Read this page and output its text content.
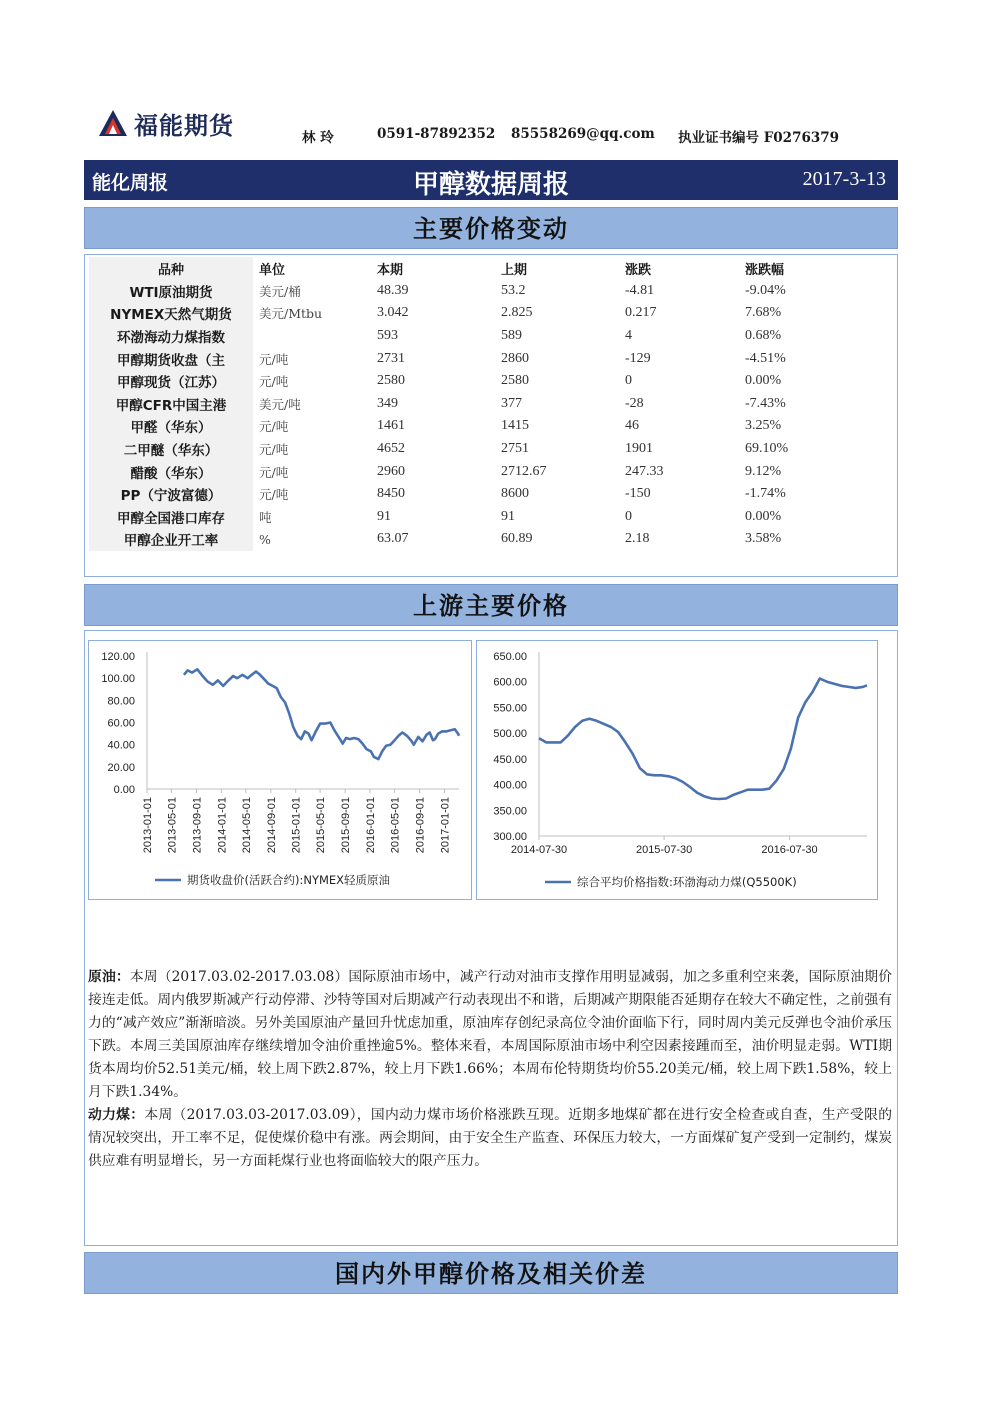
福能期货	林 玲	0591-87892352 85558269@qq.com 执业证书编号 F0276379
能化周报	甲醇数据周报	2017-3-13
主要价格变动
品种	单位	本期	上期	涨跌	涨跌幅
WTI原油期货	美元/桶	48.39	53.2	-4.81	-9.04%
NYMEX天然气期货	美元/Mtbu	3.042	2.825	0.217	7.68%
环渤海动力煤指数		593	589	4	0.68%
甲醇期货收盘（主	元/吨	2731	2860	-129	-4.51%
甲醇现货（江苏）	元/吨	2580	2580	0	0.00%
甲醇CFR中国主港	美元/吨	349	377	-28	-7.43%
甲醛（华东）	元/吨	1461	1415	46	3.25%
二甲醚（华东）	元/吨	4652	2751	1901	69.10%
醋酸（华东）	元/吨	2960	2712.67	247.33	9.12%
PP（宁波富德）	元/吨	8450	8600	-150	-1.74%
甲醇全国港口库存	吨	91	91	0	0.00%
甲醇企业开工率	%	63.07	60.89	2.18	3.58%
上游主要价格
120.00
100.00
80.00
60.00
40.00
20.00
0.00
2013-01-01 2013-05-01 2013-09-01 2014-01-01 2014-05-01 2014-09-01 2015-01-01 2015-05-01 2015-09-01 2016-01-01 2016-05-01 2016-09-01 2017-01-01
期货收盘价(活跃合约):NYMEX轻质原油
650.00
600.00
550.00
500.00
450.00
400.00
350.00
300.00
2014-07-30	2015-07-30	2016-07-30
综合平均价格指数:环渤海动力煤(Q5500K)

原油：本周（2017.03.02-2017.03.08）国际原油市场中，减产行动对油市支撑作用明显减弱，加之多重利空来袭，国际原油期价接连走低。周内俄罗斯减产行动停滞、沙特等国对后期减产行动表现出不和谐，后期减产期限能否延期存在较大不确定性，之前强有力的“减产效应”渐渐暗淡。另外美国原油产量回升忧虑加重，原油库存创纪录高位令油价面临下行，同时周内美元反弹也令油价承压下跌。本周三美国原油库存继续增加令油价重挫逾5%。整体来看，本周国际原油市场中利空因素接踵而至，油价明显走弱。WTI期货本周均价52.51美元/桶，较上周下跌2.87%，较上月下跌1.66%；本周布伦特期货均价55.20美元/桶，较上周下跌1.58%，较上月下跌1.34%。

动力煤：本周（2017.03.03-2017.03.09），国内动力煤市场价格涨跌互现。近期多地煤矿都在进行安全检查或自查，生产受限的情况较突出，开工率不足，促使煤价稳中有涨。两会期间，由于安全生产监查、环保压力较大，一方面煤矿复产受到一定制约，煤炭供应难有明显增长，另一方面耗煤行业也将面临较大的限产压力。

国内外甲醇价格及相关价差
